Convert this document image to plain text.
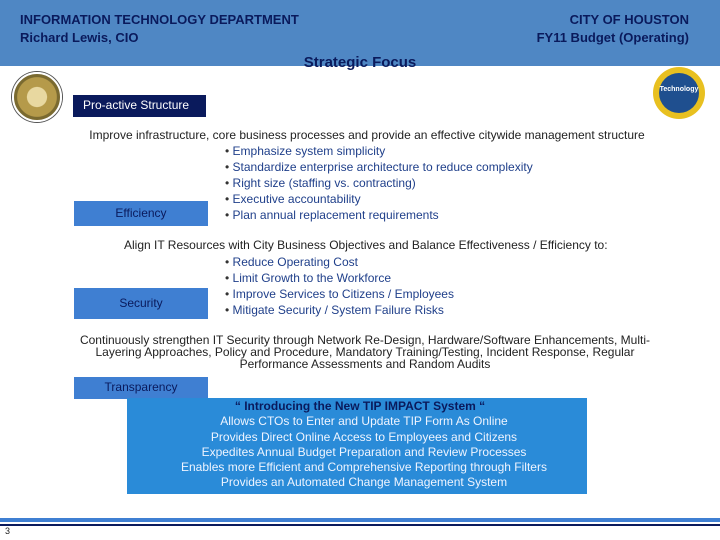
INFORMATION TECHNOLOGY DEPARTMENT
Richard Lewis, CIO
CITY OF HOUSTON
FY11 Budget (Operating)
Strategic Focus
Technology
Pro-active Structure
Improve infrastructure, core business processes and provide an effective citywide management structure
• Emphasize system simplicity
• Standardize enterprise architecture to reduce complexity
• Right size (staffing vs. contracting)
• Executive accountability
• Plan annual replacement requirements
Efficiency
Align IT Resources with City Business Objectives and Balance Effectiveness / Efficiency to:
• Reduce Operating Cost
• Limit Growth to the Workforce
• Improve Services to Citizens / Employees
• Mitigate Security / System Failure Risks
Security
Continuously strengthen IT Security through Network Re-Design, Hardware/Software Enhancements, Multi-Layering Approaches, Policy and Procedure, Mandatory Training/Testing, Incident Response, Regular Performance Assessments and Random Audits
Transparency
“ Introducing the New TIP IMPACT System “
Allows CTOs to Enter and Update TIP Form As Online
Provides Direct Online Access to Employees and Citizens
Expedites Annual Budget Preparation and Review Processes
Enables more Efficient and Comprehensive Reporting through Filters
Provides an Automated Change Management System
3
